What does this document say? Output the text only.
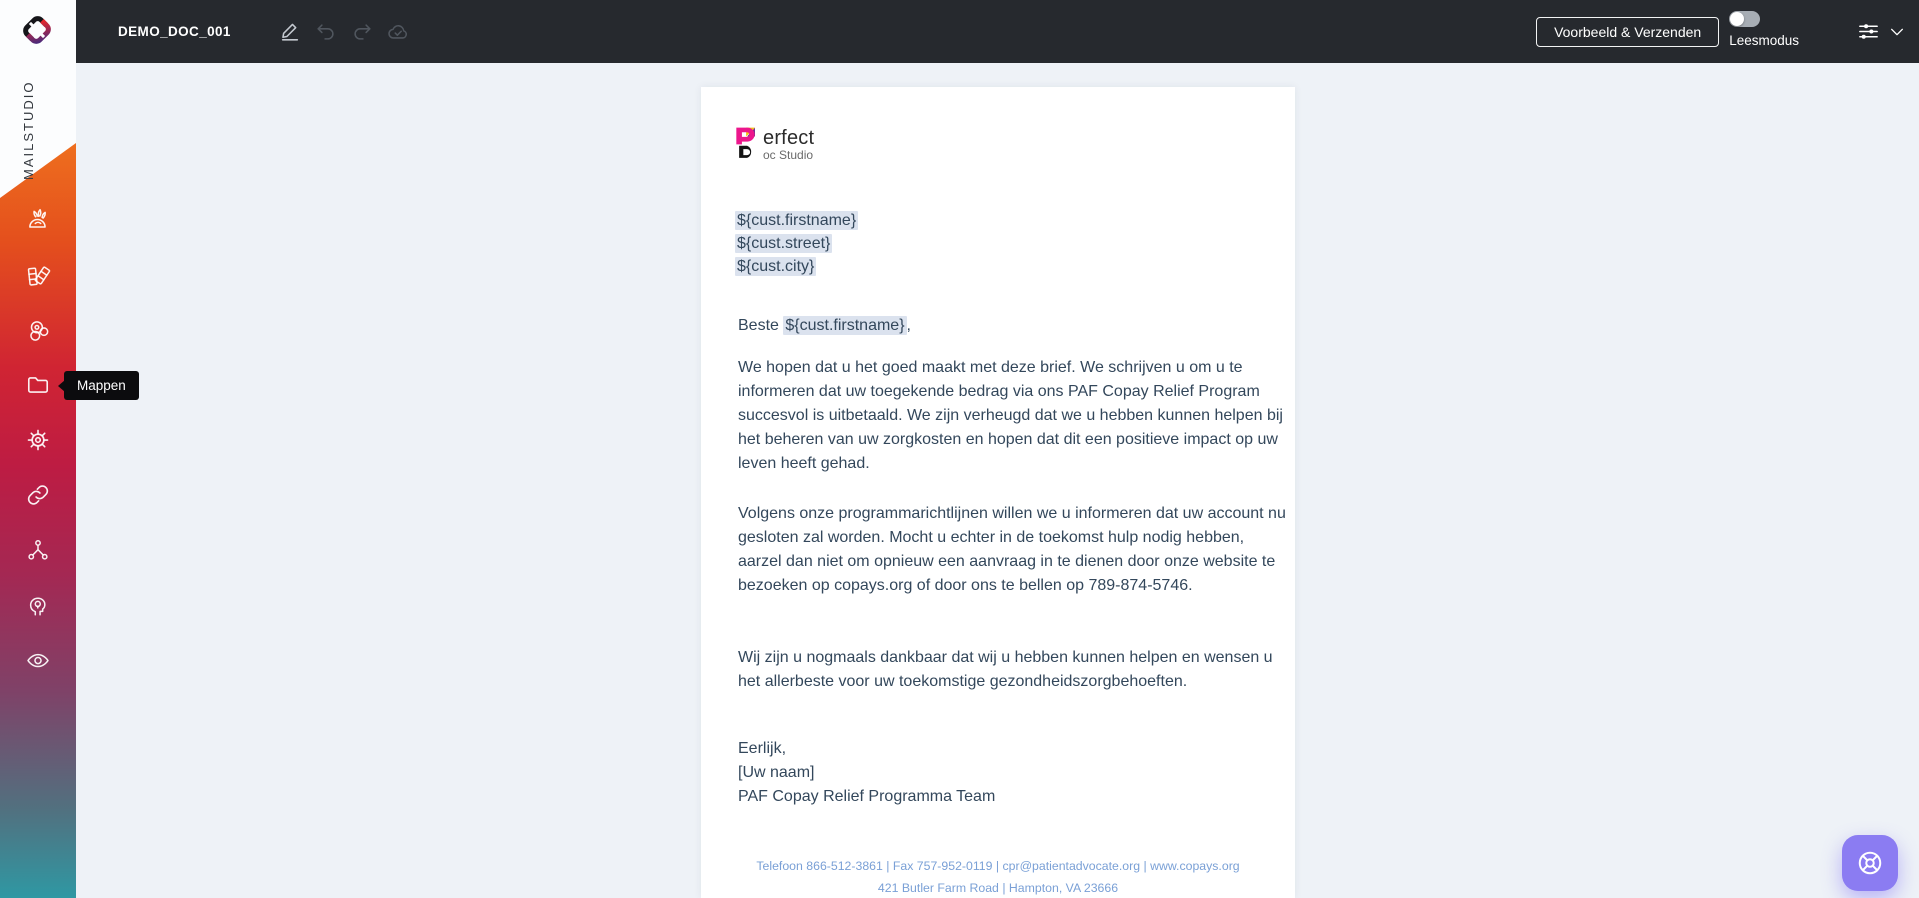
MAILSTUDIO
Mappen
DEMO_DOC_001	Voorbeeld & Verzenden
Leesmodus
erfect
oc Studio
${cust.firstname}
${cust.street}
${cust.city}
Beste ${cust.firstname} ,

We hopen dat u het goed maakt met deze brief. We schrijven u om u te informeren dat uw toegekende bedrag via ons PAF Copay Relief Program succesvol is uitbetaald. We zijn verheugd dat we u hebben kunnen helpen bij het beheren van uw zorgkosten en hopen dat dit een positieve impact op uw leven heeft gehad.

Volgens onze programmarichtlijnen willen we u informeren dat uw account nu gesloten zal worden. Mocht u echter in de toekomst hulp nodig hebben, aarzel dan niet om opnieuw een aanvraag in te dienen door onze website te bezoeken op copays.org of door ons te bellen op 789-874-5746.

Wij zijn u nogmaals dankbaar dat wij u hebben kunnen helpen en wensen u het allerbeste voor uw toekomstige gezondheidszorgbehoeften.

Eerlijk,
[Uw naam]
PAF Copay Relief Programma Team
Telefoon 866-512-3861 | Fax 757-952-0119 | cpr@patientadvocate.org | www.copays.org
421 Butler Farm Road | Hampton, VA 23666
